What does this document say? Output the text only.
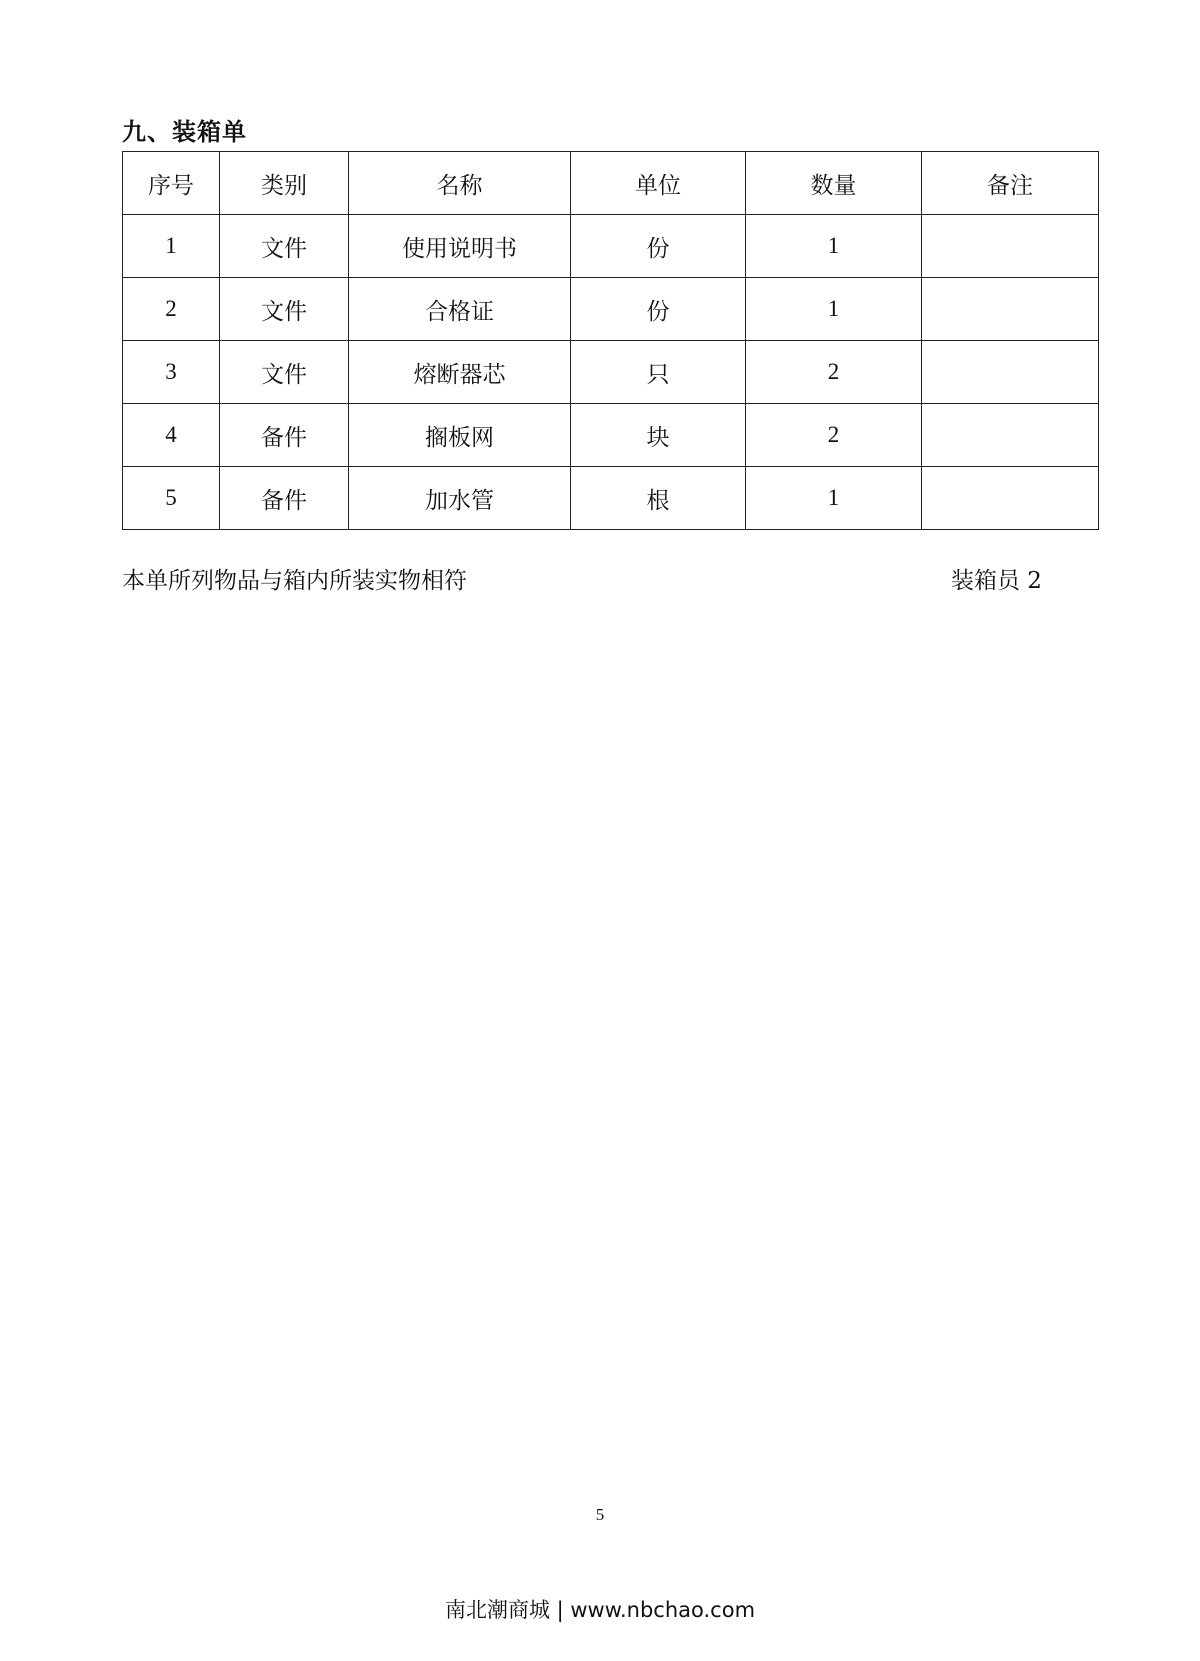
九、装箱单
序号	类别	名称	单位	数量	备注
1	文件	使用说明书	份	1	
2	文件	合格证	份	1	
3	文件	熔断器芯	只	2	
4	备件	搁板网	块	2	
5	备件	加水管	根	1	

本单所列物品与箱内所装实物相符	装箱员 2

5
南北潮商城 | www.nbchao.com
